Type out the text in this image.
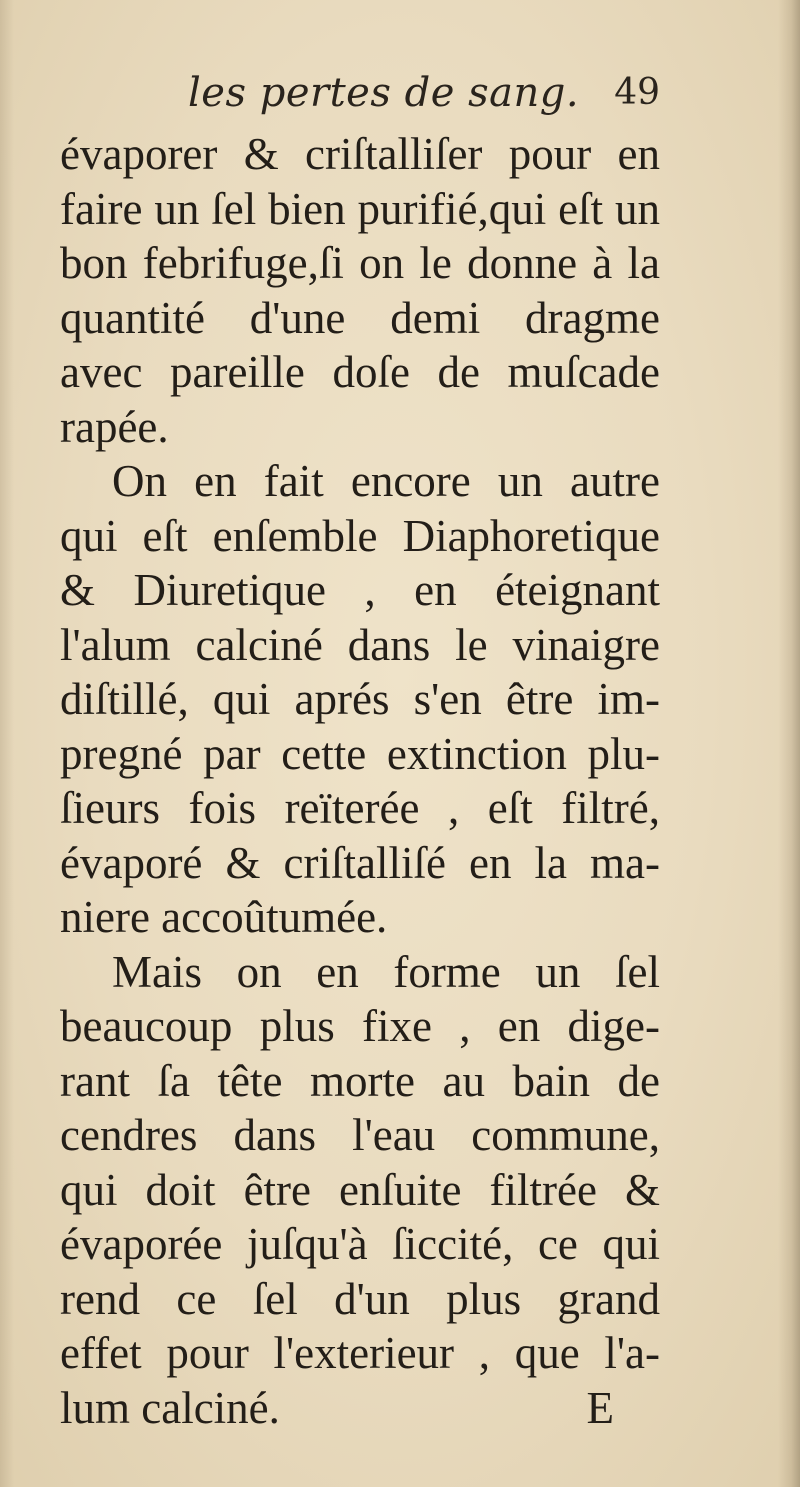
les pertes de sang. 49
évaporer & criſtalliſer pour en
faire un ſel bien purifié,qui eſt un
bon febrifuge,ſi on le donne à la
quantité d'une demi dragme
avec pareille doſe de muſcade
rapée.
On en fait encore un autre
qui eſt enſemble Diaphoretique
& Diuretique , en éteignant
l'alum calciné dans le vinaigre
diſtillé, qui aprés s'en être im-
pregné par cette extinction plu-
ſieurs fois reïterée , eſt filtré,
évaporé & criſtalliſé en la ma-
niere accoûtumée.
Mais on en forme un ſel
beaucoup plus fixe , en dige-
rant ſa tête morte au bain de
cendres dans l'eau commune,
qui doit être enſuite filtrée &
évaporée juſqu'à ſiccité, ce qui
rend ce ſel d'un plus grand
effet pour l'exterieur , que l'a-
lum calciné.	E
